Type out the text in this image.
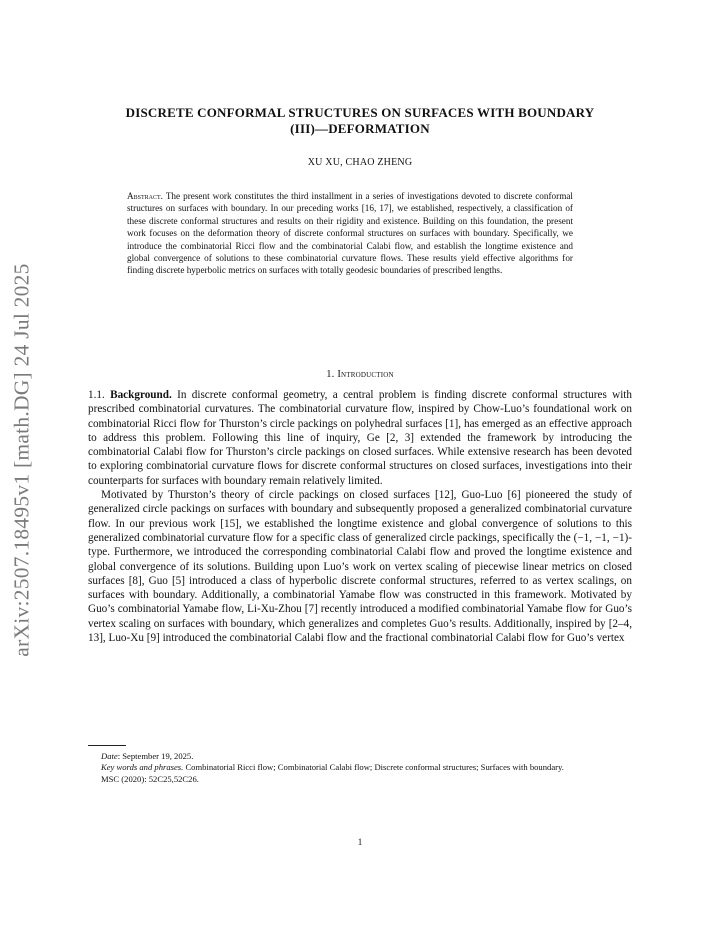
arXiv:2507.18495v1 [math.DG] 24 Jul 2025
DISCRETE CONFORMAL STRUCTURES ON SURFACES WITH BOUNDARY
(III)—DEFORMATION
XU XU, CHAO ZHENG
Abstract. The present work constitutes the third installment in a series of investigations devoted to discrete conformal structures on surfaces with boundary. In our preceding works [16, 17], we established, respectively, a classification of these discrete conformal structures and results on their rigidity and existence. Building on this foundation, the present work focuses on the deformation theory of discrete conformal structures on surfaces with boundary. Specifically, we introduce the combinatorial Ricci flow and the combinatorial Calabi flow, and establish the longtime existence and global convergence of solutions to these combinatorial curvature flows. These results yield effective algorithms for finding discrete hyperbolic metrics on surfaces with totally geodesic boundaries of prescribed lengths.
1. Introduction

1.1. Background. In discrete conformal geometry, a central problem is finding discrete conformal structures with prescribed combinatorial curvatures. The combinatorial curvature flow, inspired by Chow-Luo’s foundational work on combinatorial Ricci flow for Thurston’s circle packings on polyhedral surfaces [1], has emerged as an effective approach to address this problem. Following this line of inquiry, Ge [2, 3] extended the framework by introducing the combinatorial Calabi flow for Thurston’s circle packings on closed surfaces. While extensive research has been devoted to exploring combinatorial curvature flows for discrete conformal structures on closed surfaces, investigations into their counterparts for surfaces with boundary remain relatively limited.

Motivated by Thurston’s theory of circle packings on closed surfaces [12], Guo-Luo [6] pioneered the study of generalized circle packings on surfaces with boundary and subsequently proposed a generalized combinatorial curvature flow. In our previous work [15], we established the longtime existence and global convergence of solutions to this generalized combinatorial curvature flow for a specific class of generalized circle packings, specifically the (−1, −1, −1)-type. Furthermore, we introduced the corresponding combinatorial Calabi flow and proved the longtime existence and global convergence of its solutions. Building upon Luo’s work on vertex scaling of piecewise linear metrics on closed surfaces [8], Guo [5] introduced a class of hyperbolic discrete conformal structures, referred to as vertex scalings, on surfaces with boundary. Additionally, a combinatorial Yamabe flow was constructed in this framework. Motivated by Guo’s combinatorial Yamabe flow, Li-Xu-Zhou [7] recently introduced a modified combinatorial Yamabe flow for Guo’s vertex scaling on surfaces with boundary, which generalizes and completes Guo’s results. Additionally, inspired by [2–4, 13], Luo-Xu [9] introduced the combinatorial Calabi flow and the fractional combinatorial Calabi flow for Guo’s vertex

Date: September 19, 2025.

Key words and phrases. Combinatorial Ricci flow; Combinatorial Calabi flow; Discrete conformal structures; Surfaces with boundary.

MSC (2020): 52C25,52C26.

1
